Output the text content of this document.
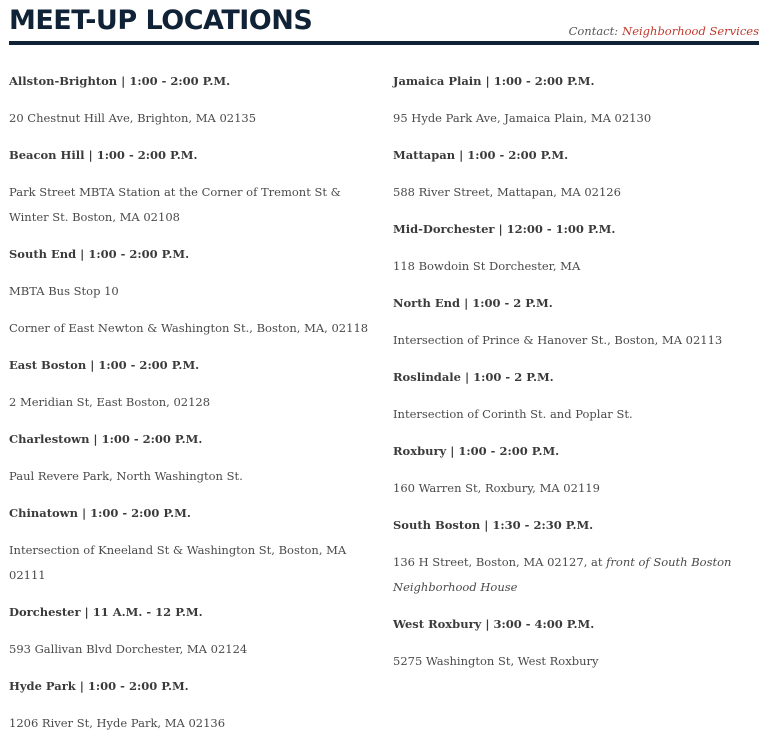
MEET-UP LOCATIONS	Contact: Neighborhood Services
Allston-Brighton | 1:00 - 2:00 P.M.
20 Chestnut Hill Ave, Brighton, MA 02135
Beacon Hill | 1:00 - 2:00 P.M.
Park Street MBTA Station at the Corner of Tremont St & Winter St. Boston, MA 02108
South End | 1:00 - 2:00 P.M.
MBTA Bus Stop 10
Corner of East Newton & Washington St., Boston, MA, 02118
East Boston | 1:00 - 2:00 P.M.
2 Meridian St, East Boston, 02128
Charlestown | 1:00 - 2:00 P.M.
Paul Revere Park, North Washington St.
Chinatown | 1:00 - 2:00 P.M.
Intersection of Kneeland St & Washington St, Boston, MA 02111
Dorchester | 11 A.M. - 12 P.M.
593 Gallivan Blvd Dorchester, MA 02124
Hyde Park | 1:00 - 2:00 P.M.
1206 River St, Hyde Park, MA 02136
Jamaica Plain | 1:00 - 2:00 P.M.
95 Hyde Park Ave, Jamaica Plain, MA 02130
Mattapan | 1:00 - 2:00 P.M.
588 River Street, Mattapan, MA 02126
Mid-Dorchester | 12:00 - 1:00 P.M.
118 Bowdoin St Dorchester, MA
North End | 1:00 - 2 P.M.
Intersection of Prince & Hanover St., Boston, MA 02113
Roslindale | 1:00 - 2 P.M.
Intersection of Corinth St. and Poplar St.
Roxbury | 1:00 - 2:00 P.M.
160 Warren St, Roxbury, MA 02119
South Boston | 1:30 - 2:30 P.M.
136 H Street, Boston, MA 02127, at front of South Boston Neighborhood House
West Roxbury | 3:00 - 4:00 P.M.
5275 Washington St, West Roxbury
